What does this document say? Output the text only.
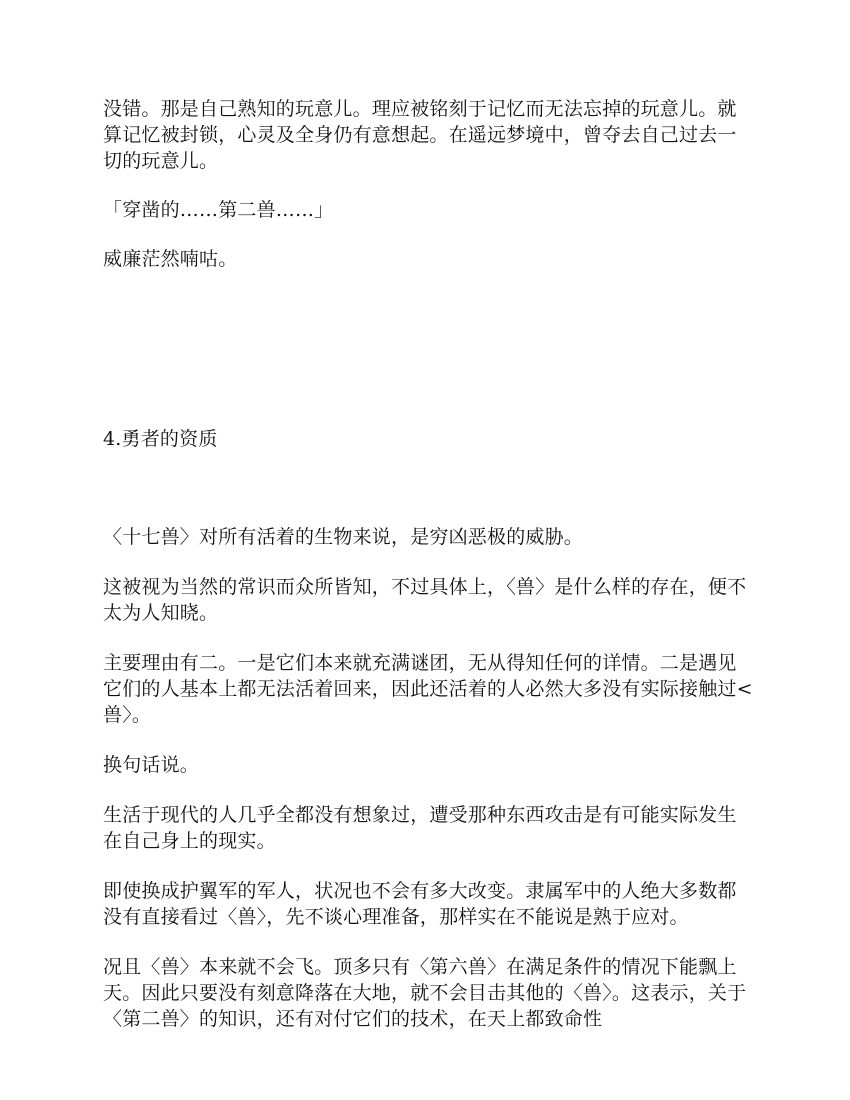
没错。那是自己熟知的玩意儿。理应被铭刻于记忆而无法忘掉的玩意儿。就算记忆被封锁，心灵及全身仍有意想起。在遥远梦境中，曾夺去自己过去一切的玩意儿。

「穿凿的……第二兽……」

威廉茫然喃咕。

4.勇者的资质

〈十七兽〉对所有活着的生物来说，是穷凶恶极的威胁。

这被视为当然的常识而众所皆知，不过具体上，〈兽〉是什么样的存在，便不太为人知晓。

主要理由有二。一是它们本来就充满谜团，无从得知任何的详情。二是遇见它们的人基本上都无法活着回来，因此还活着的人必然大多没有实际接触过<兽〉。

换句话说。

生活于现代的人几乎全都没有想象过，遭受那种东西攻击是有可能实际发生在自己身上的现实。

即使换成护翼军的军人，状况也不会有多大改变。隶属军中的人绝大多数都没有直接看过〈兽〉，先不谈心理准备，那样实在不能说是熟于应对。

况且〈兽〉本来就不会飞。顶多只有〈第六兽〉在满足条件的情况下能飘上天。因此只要没有刻意降落在大地，就不会目击其他的〈兽〉。这表示，关于〈第二兽〉的知识，还有对付它们的技术，在天上都致命性
